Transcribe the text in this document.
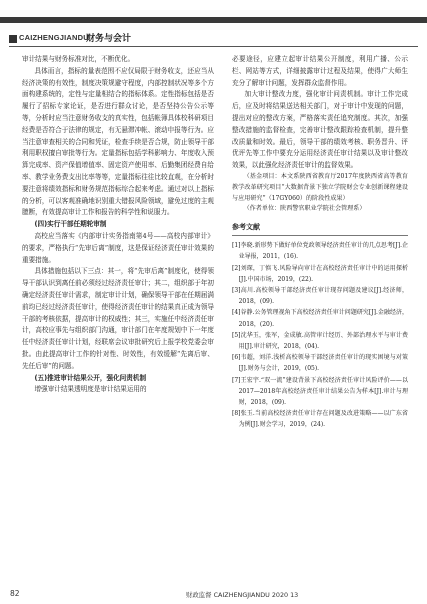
CAIZHENGJIANDU
财务与会计

审计结果与财务标准对比，不断优化。

具体而言，指标的量表范围不应仅局限于财务收支，还应当从经济决策的有效性，制度决策规避守程度，内部控制状况等多个方面构建系统的，定性与定量相结合的指标体系。定性指标包括是否履行了招标专家论证，是否进行群众讨论，是否坚持公告公示等等，分析时应当注意财务收支的真实性，包括帐簿具体校科研项目经费是否符合于法律的规定，有无悬滞冲帐、滚动申报等行为。应当注意审查相关的合同和凭证，检查手续是否合规，防止领导干部利用职权擅自审批等行为。定量指标包括学科影响力、年度收入预算完成率、资产保值增值率、固定资产使用率、后勤集团经费自给率、教学业务费支出比率等等，定量指标往往比较直观，在分析时要注意将绩效指标和财务规范指标综合起来考虑。通过对以上指标的分析，可以客观准确地识别重大错报风险领域，避免过度的主观臆断，有效提高审计工作和报告的科学性和说服力。

(四)实行干部任期轮审制

高校应当落实《内部审计实务指南第4号——高校内部审计》的要求，严格执行“先审后离”制度，这是保证经济责任审计效果的重要措施。

具体措施包括以下三点：其一，将“先审后离”制度化，使得领导干部认识到离任前必须经过经济责任审计；其二，组织部于年初确定经济责任审计需求，制定审计计划，确保领导干部在任期届满前均已经过经济责任审计，使得经济责任审计的结果真正成为领导干部的考核依据，提高审计的权威性；其三，实施任中经济责任审计，高校应事先与组织部门沟通，审计部门在年度规划中下一年度任中经济责任审计计划，经联席会议审批研究后上报学校党委会审批。由此提高审计工作的针对性、时效性，有效缓解“先离后审、先任后审”的问题。

(五)推进审计结果公开，强化问责机制

增强审计结果透明度是审计结果运用的

必要途径，应建立起审计结果公开制度，利用广播、公示栏、网站等方式，详细披露审计过程及结果，使得广大师生充分了解审计问题，发挥群众监督作用。

加大审计整改力度，强化审计问责机制。审计工作完成后，应及时将结果送达相关部门，对于审计中发现的问题，提出对应的整改方案，严格落实责任追究制度。其次，加强整改措施的监督检查，完善审计整改跟踪检查机制，提升整改质量和时效。最后，领导干部的绩效考核、职务晋升、评优评先等工作中要充分运用经济责任审计结果以及审计整改效果，以此强化经济责任审计的监督效果。

（基金项目：本文系陕西省教育厅2017年度陕西省高等教育教学改革研究项目“大数据背景下独立学院财会专业创新课程建设与应用研究”（17GY060）的阶段性成果）

（作者单位：陕西警官职业学院社会管理系）

参考文献
[1]李晓.新形势下做好单位党政领导经济责任审计的几点思考[J].企业导报，2011，(16).
[2]刘琛，丁慎飞.风险导向审计在高校经济责任审计中的运用探析[J].中国市场，2019，(22).
[3]高川.高校领导干部经济责任审计现存问题及建议[J].经济师，2018，(09).
[4]谷静.公务管理视角下高校经济责任审计问题研究[J].金融经济，2018，(20).
[5]沈华玉，张军，金成敏.高管审计经历、外部治理水平与审计费用[J].审计研究，2018，(04).
[6]韦超，刘洋.浅析高校领导干部经济责任审计的现实困境与对策[J].财务与会计，2019，(05).
[7]王宏宇.“双一流”建设背景下高校经济责任审计风险评价——以2017—2018年高校经济责任审计结果公告为样本[J].审计与理财，2018，(09).
[8]张玉.当前高校经济责任审计存在问题及改进策略——以广东省为例[J].财会学习，2019，(24).
82	财政监督 CAIZHENGJIANDU 2020 13
